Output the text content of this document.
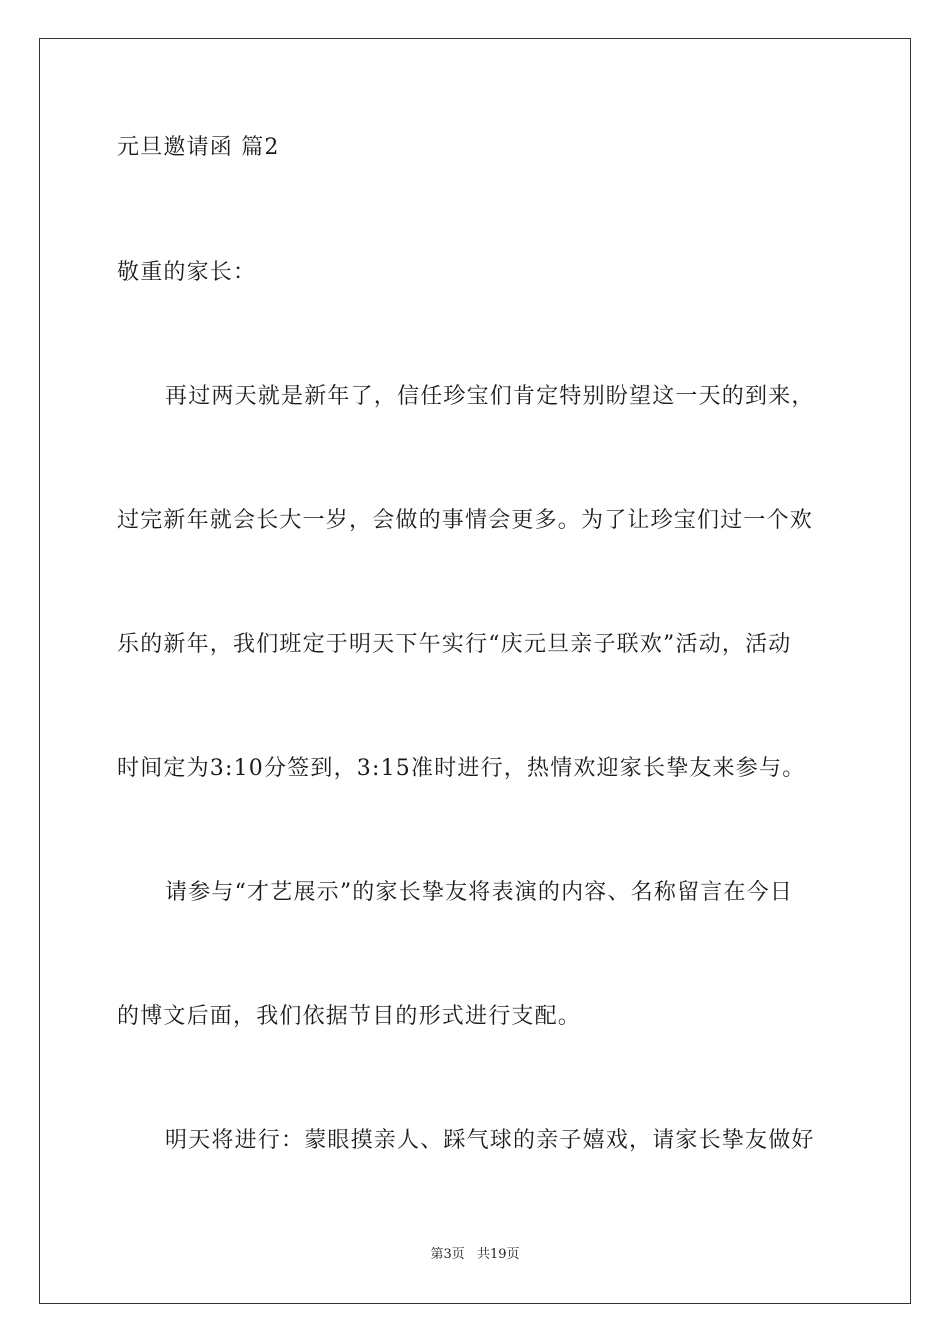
元旦邀请函 篇2

敬重的家长：

再过两天就是新年了，信任珍宝们肯定特别盼望这一天的到来，

过完新年就会长大一岁，会做的事情会更多。为了让珍宝们过一个欢

乐的新年，我们班定于明天下午实行“庆元旦亲子联欢”活动，活动

时间定为3:10分签到，3:15准时进行，热情欢迎家长挚友来参与。

请参与“才艺展示”的家长挚友将表演的内容、名称留言在今日

的博文后面，我们依据节目的形式进行支配。

明天将进行：蒙眼摸亲人、踩气球的亲子嬉戏，请家长挚友做好

第3页 共19页
